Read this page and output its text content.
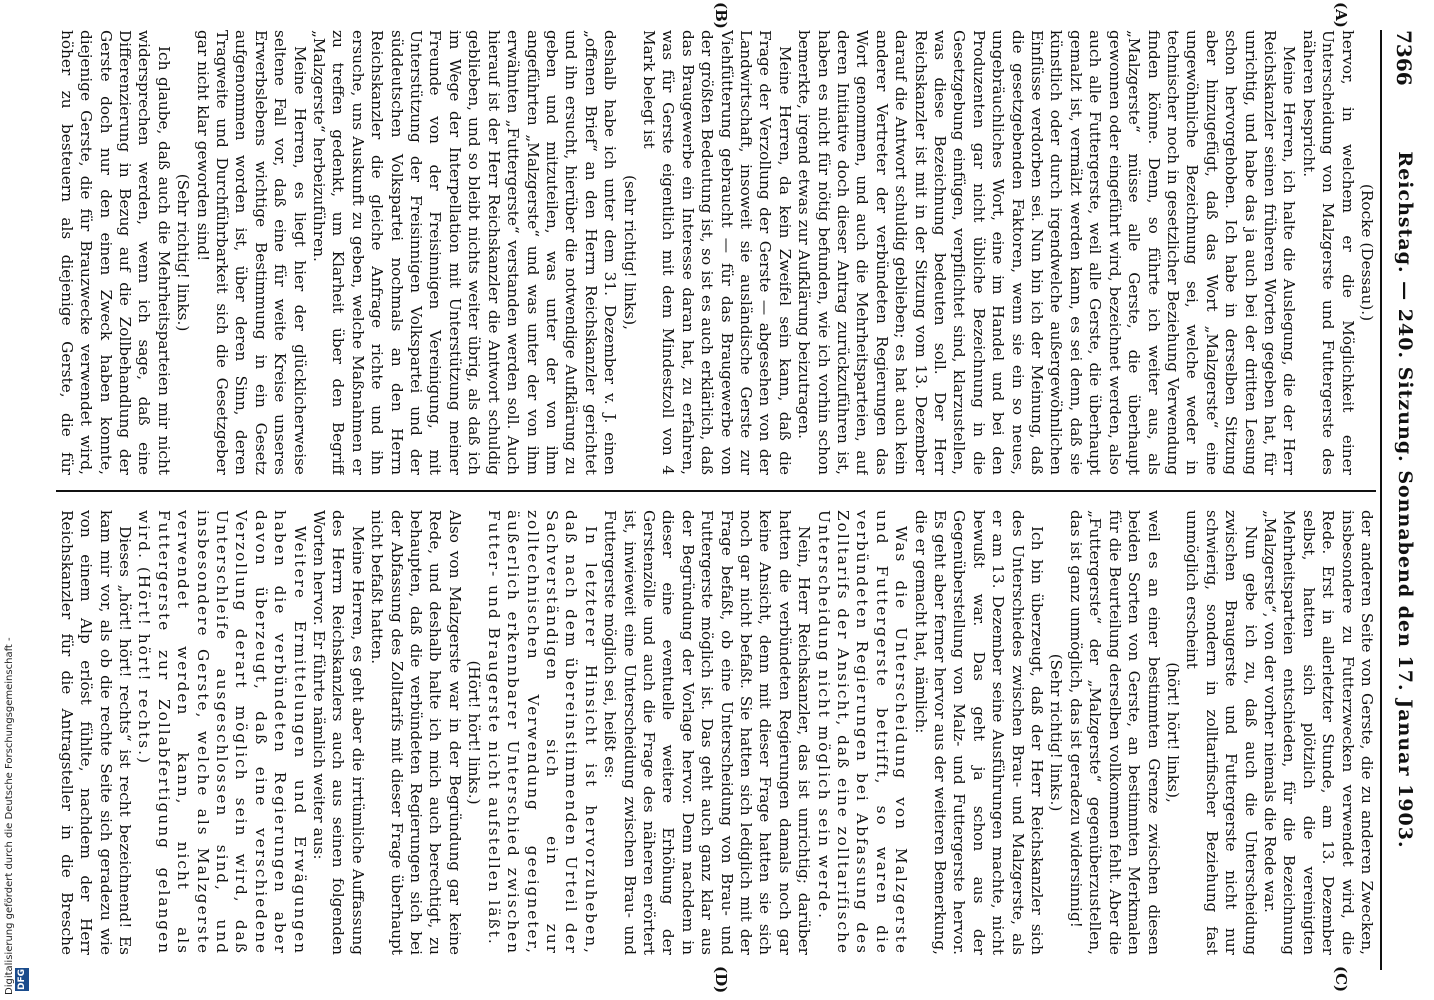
7366
Reichstag. — 240. Sitzung. Sonnabend den 17. Januar 1903.
(A)
(B)
(C)
(D)

(Rocke (Dessau).)

hervor, in welchem er die Möglichkeit einer Unterscheidung von Malzgerste und Futtergerste des näheren bespricht.

Meine Herren, ich halte die Auslegung, die der Herr Reichskanzler seinen früheren Worten gegeben hat, für unrichtig, und habe das ja auch bei der dritten Lesung schon hervorgehoben. Ich habe in derselben Sitzung aber hinzugefügt, daß das Wort „Malzgerste“ eine ungewöhnliche Bezeichnung sei, welche weder in technischer noch in gesetzlicher Beziehung Verwendung finden könne. Denn, so führte ich weiter aus, als „Malzgerste“ müsse alle Gerste, die überhaupt gewonnen oder eingeführt wird, bezeichnet werden, also auch alle Futtergerste, weil alle Gerste, die überhaupt gemalzt ist, vermälzt werden kann, es sei denn, daß sie künstlich oder durch irgendwelche außergewöhnlichen Einflüsse verdorben sei. Nun bin ich der Meinung, daß die gesetzgebenden Faktoren, wenn sie ein so neues, ungebräuchliches Wort, eine im Handel und bei den Produzenten gar nicht übliche Bezeichnung in die Gesetzgebung einfügen, verpflichtet sind, klarzustellen, was diese Bezeichnung bedeuten soll. Der Herr Reichskanzler ist mit in der Sitzung vom 13. Dezember darauf die Antwort schuldig geblieben; es hat auch kein anderer Vertreter der verbündeten Regierungen das Wort genommen, und auch die Mehrheitsparteien, auf deren Initiative doch dieser Antrag zurückzuführen ist, haben es nicht für nötig befunden, wie ich vorhin schon bemerkte, irgend etwas zur Aufklärung beizutragen.

Meine Herren, da kein Zweifel sein kann, daß die Frage der Verzollung der Gerste — abgesehen von der Landwirtschaft, insoweit sie ausländische Gerste zur Viehfütterung gebraucht — für das Braugewerbe von der größten Bedeutung ist, so ist es auch erklärlich, daß das Braugewerbe ein Interesse daran hat, zu erfahren, was für Gerste eigentlich mit dem Mindestzoll von 4 Mark belegt ist

(sehr richtig! links),

deshalb habe ich unter dem 31. Dezember v. J. einen „offenen Brief“ an den Herrn Reichskanzler gerichtet und ihn ersucht, hierüber die notwendige Aufklärung zu geben und mitzuteilen, was unter der von ihm angeführten „Malzgerste“ und was unter der von ihm erwähnten „Futtergerste“ verstanden werden soll. Auch hierauf ist der Herr Reichskanzler die Antwort schuldig geblieben, und so bleibt nichts weiter übrig, als daß ich im Wege der Interpellation mit Unterstützung meiner Freunde von der Freisinnigen Vereinigung, mit Unterstützung der Freisinnigen Volkspartei und der süddeutschen Volkspartei nochmals an den Herrn Reichskanzler die gleiche Anfrage richte und ihn ersuche, uns Auskunft zu geben, welche Maßnahmen er zu treffen gedenkt, um Klarheit über den Begriff „Malzgerste“ herbeizuführen.

Meine Herren, es liegt hier der glücklicherweise seltene Fall vor, daß eine für weite Kreise unseres Erwerbslebens wichtige Bestimmung in ein Gesetz aufgenommen worden ist, über deren Sinn, deren Tragweite und Durchführbarkeit sich die Gesetzgeber gar nicht klar geworden sind!

(Sehr richtig! links.)

Ich glaube, daß auch die Mehrheitsparteien mir nicht widersprechen werden, wenn ich sage, daß eine Differenzierung in Bezug auf die Zollbehandlung der Gerste doch nur den einen Zweck haben konnte, diejenige Gerste, die für Brauzwecke verwendet wird, höher zu besteuern als diejenige Gerste, die für

der anderen Seite von Gerste, die zu anderen Zwecken, insbesondere zu Futterzwecken verwendet wird, die Rede. Erst in allerletzter Stunde, am 13. Dezember selbst, hatten sich plötzlich die vereinigten Mehrheitsparteien entschieden, für die Bezeichnung „Malzgerste“, von der vorher niemals die Rede war.

Nun gebe ich zu, daß auch die Unterscheidung zwischen Braugerste und Futtergerste nicht nur schwierig, sondern in zolltarifischer Beziehung fast unmöglich erscheint

(hört! hört! links),

weil es an einer bestimmten Grenze zwischen diesen beiden Sorten von Gerste, an bestimmten Merkmalen für die Beurteilung derselben vollkommen fehlt. Aber die „Futtergerste“ der „Malzgerste“ gegenüberzustellen, das ist ganz unmöglich, das ist geradezu widersinnig!

(Sehr richtig! links.)

Ich bin überzeugt, daß der Herr Reichskanzler sich des Unterschiedes zwischen Brau- und Malzgerste, als er am 13. Dezember seine Ausführungen machte, nicht bewußt war. Das geht ja schon aus der Gegenüberstellung von Malz- und Futtergerste hervor. Es geht aber ferner hervor aus der weiteren Bemerkung, die er gemacht hat, nämlich:

Was die Unterscheidung von Malzgerste und Futtergerste betrifft, so waren die verbündeten Regierungen bei Abfassung des Zolltarifs der Ansicht, daß eine zolltarifische Unterscheidung nicht möglich sein werde.

Nein, Herr Reichskanzler, das ist unrichtig; darüber hatten die verbündeten Regierungen damals noch gar keine Ansicht, denn mit dieser Frage hatten sie sich noch gar nicht befaßt. Sie hatten sich lediglich mit der Frage befaßt, ob eine Unterscheidung von Brau- und Futtergerste möglich ist. Das geht auch ganz klar aus der Begründung der Vorlage hervor. Denn nachdem in dieser eine eventuelle weitere Erhöhung der Gerstenzölle und auch die Frage des näheren erörtert ist, inwieweit eine Unterscheidung zwischen Brau- und Futtergerste möglich sei, heißt es:

In letzterer Hinsicht ist hervorzuheben, daß nach dem übereinstimmenden Urteil der Sachverständigen sich ein zur zolltechnischen Verwendung geeigneter, äußerlich erkennbarer Unterschied zwischen Futter- und Braugerste nicht aufstellen läßt.

(Hört! hört! links.)

Also von Malzgerste war in der Begründung gar keine Rede, und deshalb halte ich mich auch berechtigt, zu behaupten, daß die verbündeten Regierungen sich bei der Abfassung des Zolltarifs mit dieser Frage überhaupt nicht befaßt hatten.

Meine Herren, es geht aber die irrtümliche Auffassung des Herrn Reichskanzlers auch aus seinen folgenden Worten hervor. Er führte nämlich weiter aus:

Weitere Ermittelungen und Erwägungen haben die verbündeten Regierungen aber davon überzeugt, daß eine verschiedene Verzollung derart möglich sein wird, daß Unterschleife ausgeschlossen sind, und insbesondere Gerste, welche als Malzgerste verwendet werden kann, nicht als Futtergerste zur Zollabfertigung gelangen wird. (Hört! hört! rechts.)

Dieses „hört! hört! rechts“ ist recht bezeichnend! Es kam mir vor, als ob die rechte Seite sich geradezu wie von einem Alp erlöst fühlte, nachdem der Herr Reichskanzler für die Antragsteller in die Bresche

Digitalisierung gefördert durch die Deutsche Forschungsgemeinschaft - DFG
